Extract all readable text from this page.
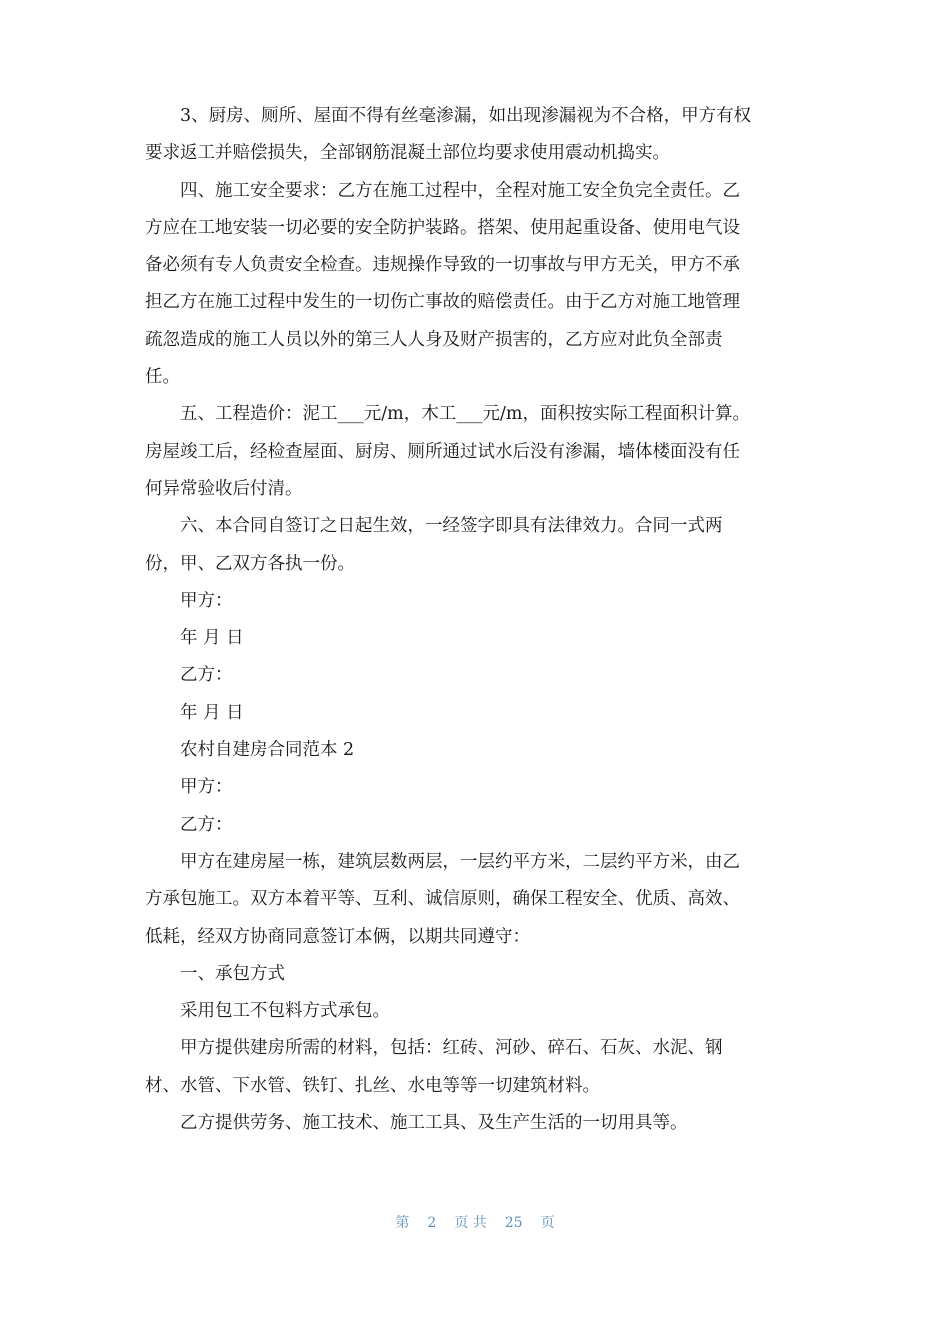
3、厨房、厕所、屋面不得有丝毫渗漏，如出现渗漏视为不合格，甲方有权
要求返工并赔偿损失，全部钢筋混凝土部位均要求使用震动机捣实。

四、施工安全要求：乙方在施工过程中，全程对施工安全负完全责任。乙
方应在工地安装一切必要的安全防护装路。搭架、使用起重设备、使用电气设
备必须有专人负责安全检查。违规操作导致的一切事故与甲方无关，甲方不承
担乙方在施工过程中发生的一切伤亡事故的赔偿责任。由于乙方对施工地管理
疏忽造成的施工人员以外的第三人人身及财产损害的，乙方应对此负全部责
任。

五、工程造价：泥工___元/m，木工___元/m，面积按实际工程面积计算。
房屋竣工后，经检查屋面、厨房、厕所通过试水后没有渗漏，墙体楼面没有任
何异常验收后付清。

六、本合同自签订之日起生效，一经签字即具有法律效力。合同一式两
份，甲、乙双方各执一份。

甲方：

年 月 日

乙方：

年 月 日

农村自建房合同范本 2

甲方：

乙方：

甲方在建房屋一栋，建筑层数两层，一层约平方米，二层约平方米，由乙
方承包施工。双方本着平等、互利、诚信原则，确保工程安全、优质、高效、
低耗，经双方协商同意签订本俩，以期共同遵守：

一、承包方式

采用包工不包料方式承包。

甲方提供建房所需的材料，包括：红砖、河砂、碎石、石灰、水泥、钢
材、水管、下水管、铁钉、扎丝、水电等等一切建筑材料。

乙方提供劳务、施工技术、施工工具、及生产生活的一切用具等。

第 2 页 共 25 页
